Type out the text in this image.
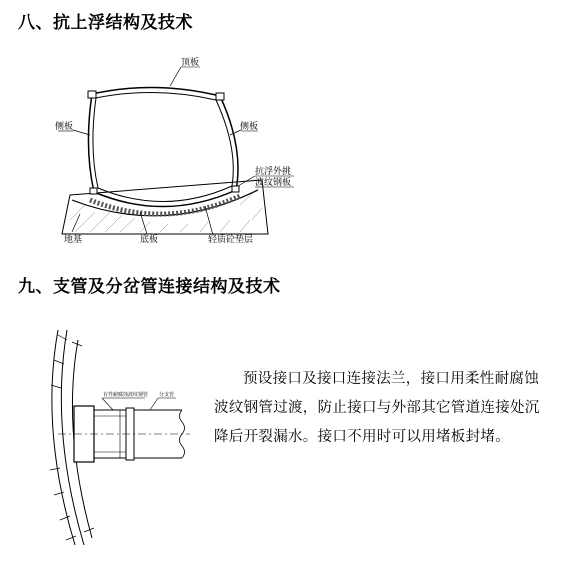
八、抗上浮结构及技术
顶板
侧板	侧板
抗浮外挑
波纹钢板
地基	底板	轻质砼垫层
有性耐腐蚀波纹钢管 分支管
九、支管及分岔管连接结构及技术
预设接口及接口连接法兰，接口用柔性耐腐蚀波纹钢管过渡，防止接口与外部其它管道连接处沉降后开裂漏水。接口不用时可以用堵板封堵。
